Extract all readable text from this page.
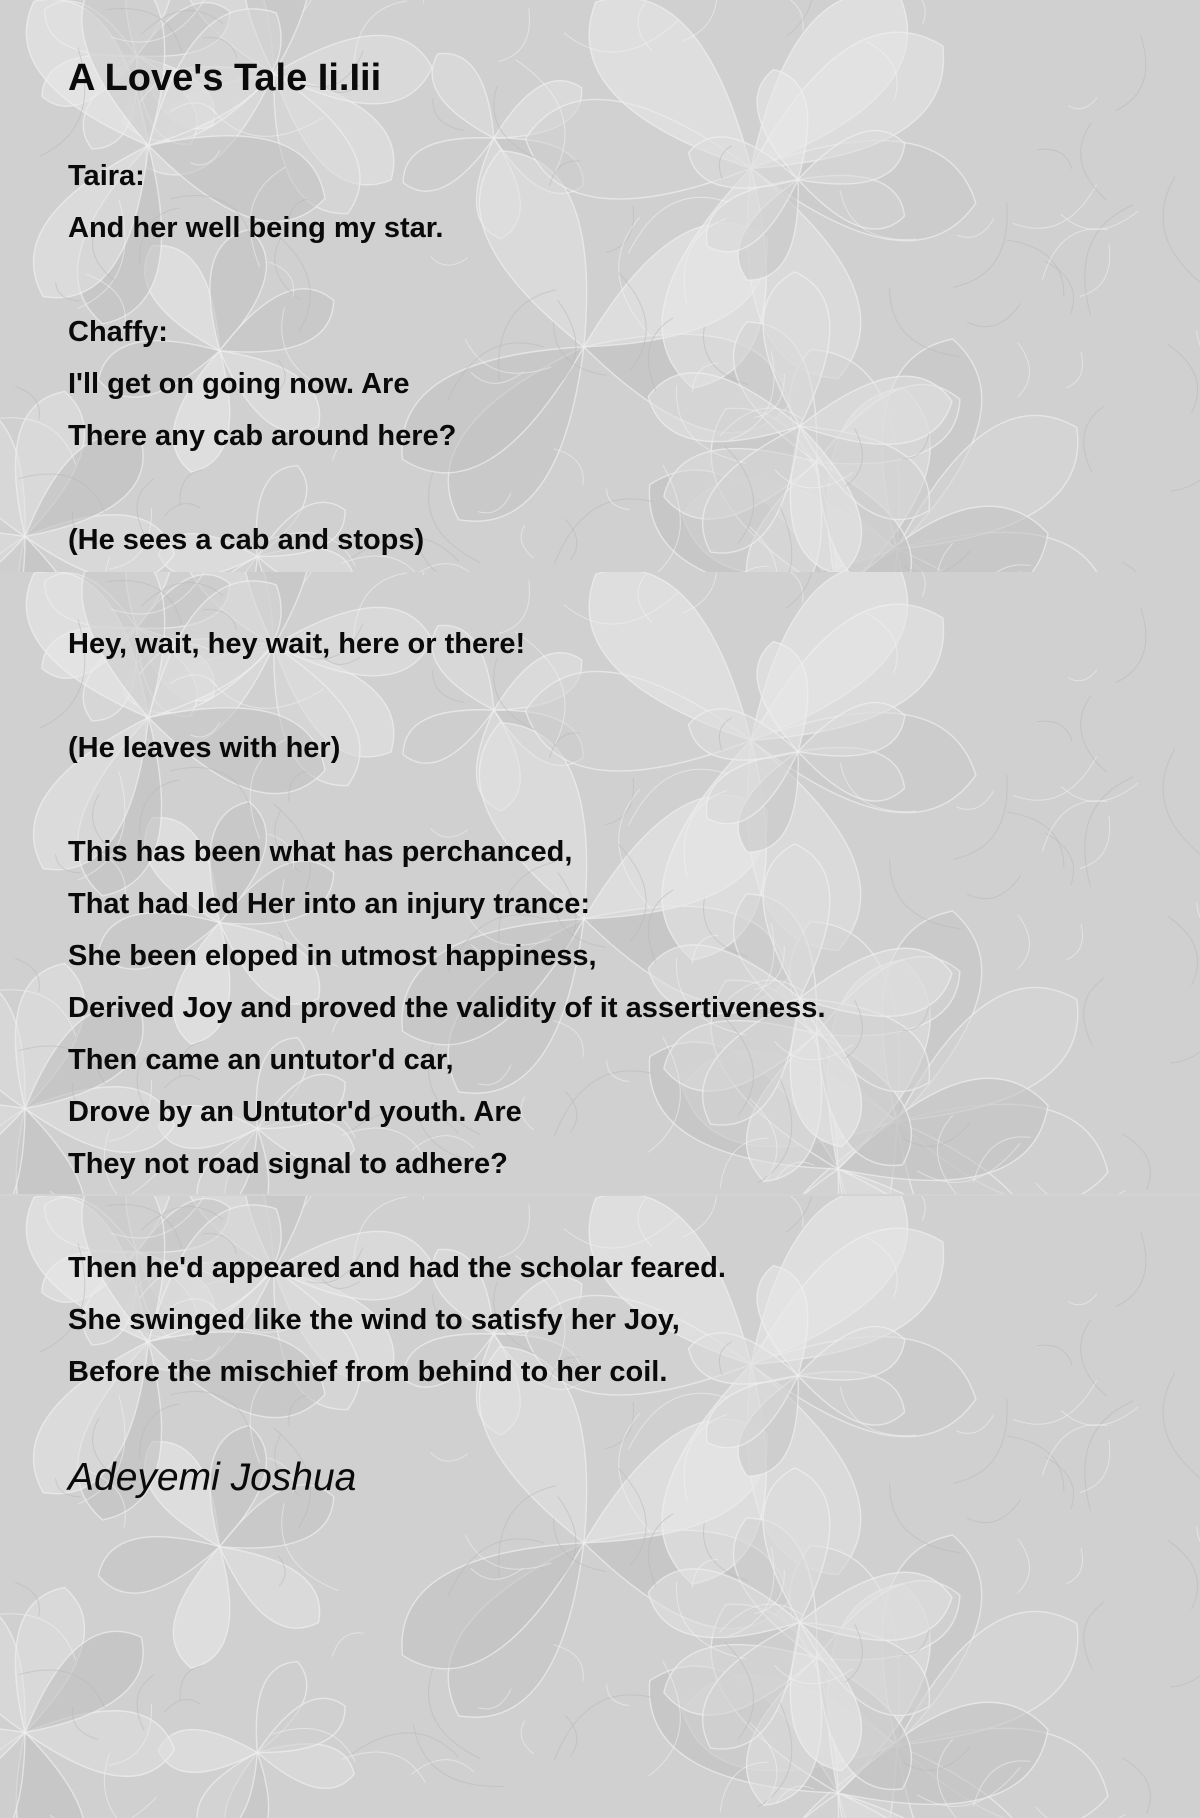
A Love's Tale Ii.Iii
Taira:
And her well being my star.
Chaffy:
I'll get on going now. Are
There any cab around here?
(He sees a cab and stops)
Hey, wait, hey wait, here or there!
(He leaves with her)
This has been what has perchanced,
That had led Her into an injury trance:
She been eloped in utmost happiness,
Derived Joy and proved the validity of it assertiveness.
Then came an untutor'd car,
Drove by an Untutor'd youth. Are
They not road signal to adhere?
Then he'd appeared and had the scholar feared.
She swinged like the wind to satisfy her Joy,
Before the mischief from behind to her coil.

Adeyemi Joshua
